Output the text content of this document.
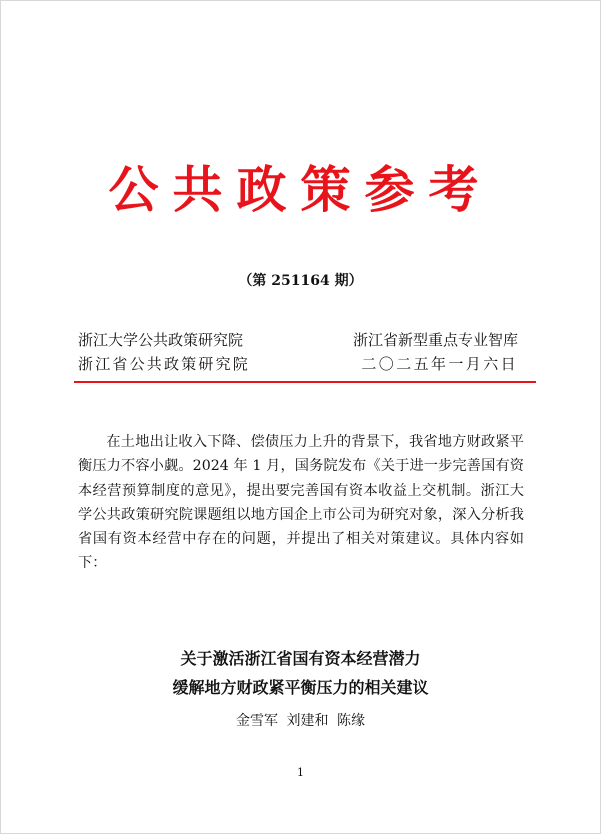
公共政策参考
（第 251164 期）
浙江大学公共政策研究院	浙江省新型重点专业智库
浙江省公共政策研究院	二〇二五年一月六日

在土地出让收入下降、偿债压力上升的背景下，我省地方财政紧平衡压力不容小觑。2024 年 1 月，国务院发布《关于进一步完善国有资本经营预算制度的意见》，提出要完善国有资本收益上交机制。浙江大学公共政策研究院课题组以地方国企上市公司为研究对象，深入分析我省国有资本经营中存在的问题，并提出了相关对策建议。具体内容如下：

关于激活浙江省国有资本经营潜力
缓解地方财政紧平衡压力的相关建议
金雪军 刘建和 陈缘
1
